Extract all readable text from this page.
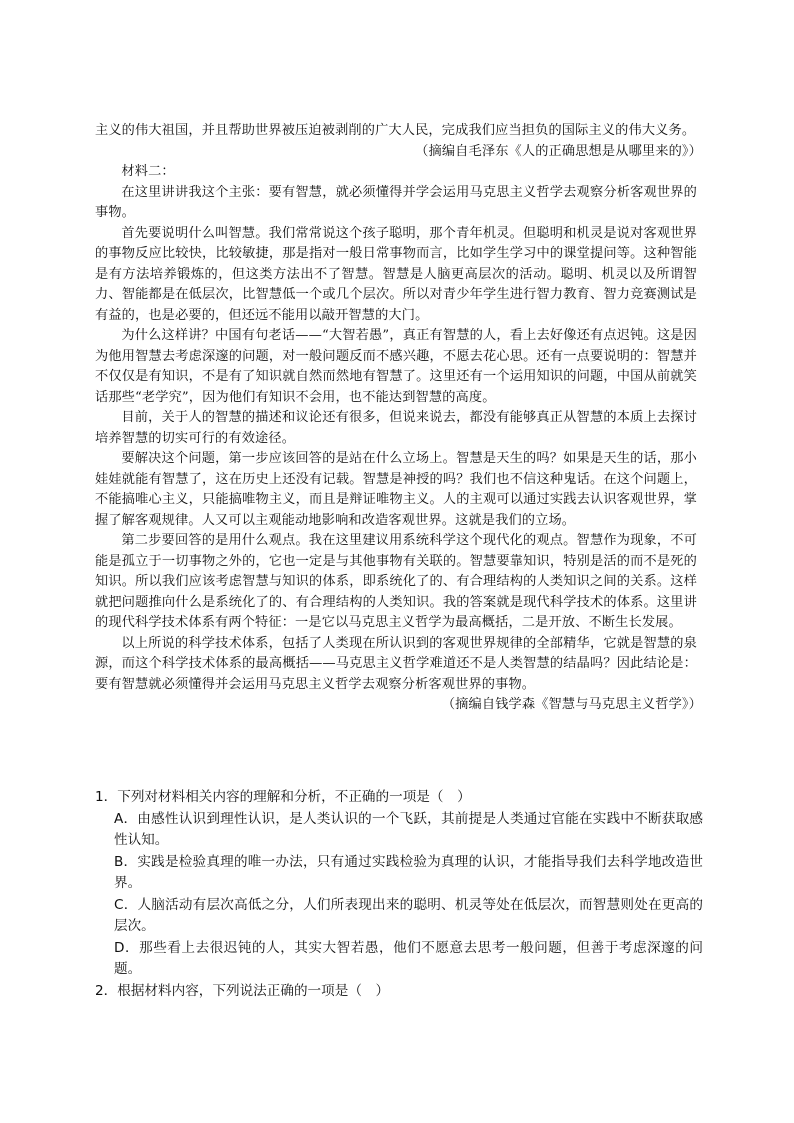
主义的伟大祖国，并且帮助世界被压迫被剥削的广大人民，完成我们应当担负的国际主义的伟大义务。

（摘编自毛泽东《人的正确思想是从哪里来的》）

材料二：

在这里讲讲我这个主张：要有智慧，就必须懂得并学会运用马克思主义哲学去观察分析客观世界的事物。

首先要说明什么叫智慧。我们常常说这个孩子聪明，那个青年机灵。但聪明和机灵是说对客观世界的事物反应比较快，比较敏捷，那是指对一般日常事物而言，比如学生学习中的课堂提问等。这种智能是有方法培养锻炼的，但这类方法出不了智慧。智慧是人脑更高层次的活动。聪明、机灵以及所谓智力、智能都是在低层次，比智慧低一个或几个层次。所以对青少年学生进行智力教育、智力竞赛测试是有益的，也是必要的，但还远不能用以敲开智慧的大门。

为什么这样讲？中国有句老话——“大智若愚”，真正有智慧的人，看上去好像还有点迟钝。这是因为他用智慧去考虑深邃的问题，对一般问题反而不感兴趣，不愿去花心思。还有一点要说明的：智慧并不仅仅是有知识，不是有了知识就自然而然地有智慧了。这里还有一个运用知识的问题，中国从前就笑话那些“老学究”，因为他们有知识不会用，也不能达到智慧的高度。

目前，关于人的智慧的描述和议论还有很多，但说来说去，都没有能够真正从智慧的本质上去探讨培养智慧的切实可行的有效途径。

要解决这个问题，第一步应该回答的是站在什么立场上。智慧是天生的吗？如果是天生的话，那小娃娃就能有智慧了，这在历史上还没有记载。智慧是神授的吗？我们也不信这种鬼话。在这个问题上，不能搞唯心主义，只能搞唯物主义，而且是辩证唯物主义。人的主观可以通过实践去认识客观世界，掌握了解客观规律。人又可以主观能动地影响和改造客观世界。这就是我们的立场。

第二步要回答的是用什么观点。我在这里建议用系统科学这个现代化的观点。智慧作为现象，不可能是孤立于一切事物之外的，它也一定是与其他事物有关联的。智慧要靠知识，特别是活的而不是死的知识。所以我们应该考虑智慧与知识的体系，即系统化了的、有合理结构的人类知识之间的关系。这样就把问题推向什么是系统化了的、有合理结构的人类知识。我的答案就是现代科学技术的体系。这里讲的现代科学技术体系有两个特征：一是它以马克思主义哲学为最高概括，二是开放、不断生长发展。

以上所说的科学技术体系，包括了人类现在所认识到的客观世界规律的全部精华，它就是智慧的泉源，而这个科学技术体系的最高概括——马克思主义哲学难道还不是人类智慧的结晶吗？因此结论是：要有智慧就必须懂得并会运用马克思主义哲学去观察分析客观世界的事物。

（摘编自钱学森《智慧与马克思主义哲学》）

1．下列对材料相关内容的理解和分析，不正确的一项是（　）

A．由感性认识到理性认识，是人类认识的一个飞跃，其前提是人类通过官能在实践中不断获取感性认知。

B．实践是检验真理的唯一办法，只有通过实践检验为真理的认识，才能指导我们去科学地改造世界。

C．人脑活动有层次高低之分，人们所表现出来的聪明、机灵等处在低层次，而智慧则处在更高的层次。

D．那些看上去很迟钝的人，其实大智若愚，他们不愿意去思考一般问题，但善于考虑深邃的问题。

2．根据材料内容，下列说法正确的一项是（　）
